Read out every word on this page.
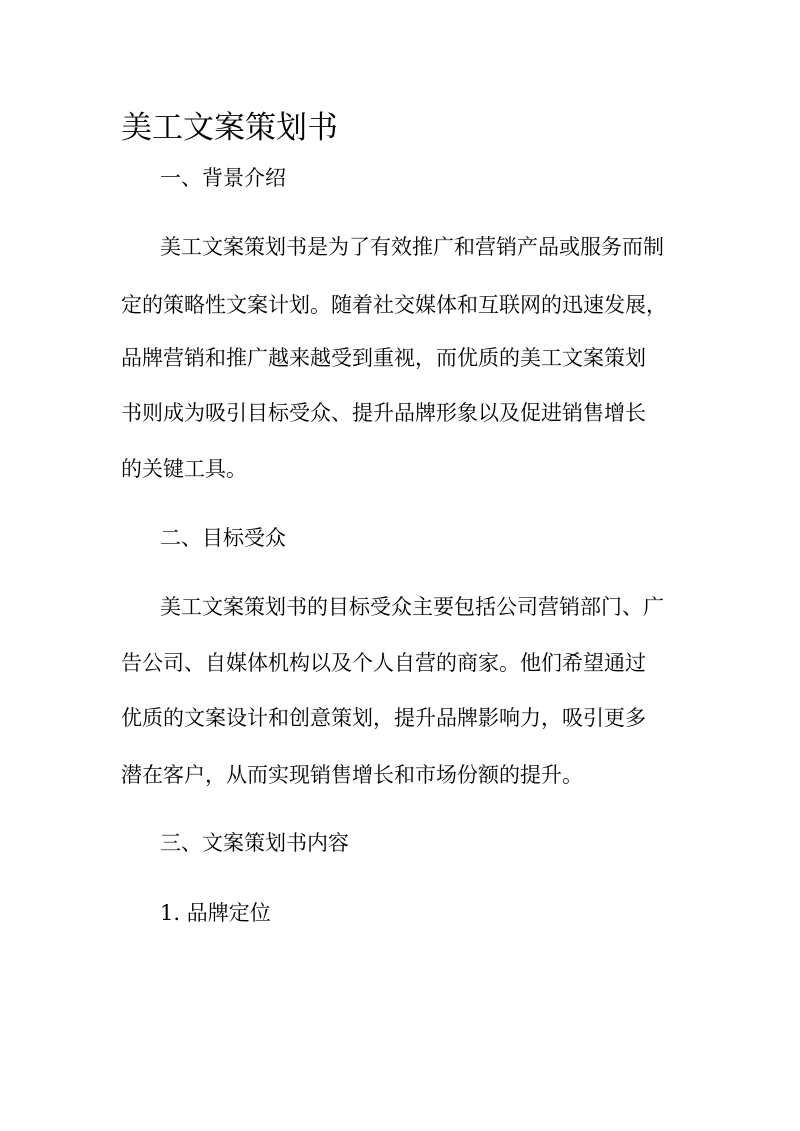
美工文案策划书
一、背景介绍
美工文案策划书是为了有效推广和营销产品或服务而制
定的策略性文案计划。随着社交媒体和互联网的迅速发展，
品牌营销和推广越来越受到重视，而优质的美工文案策划
书则成为吸引目标受众、提升品牌形象以及促进销售增长
的关键工具。
二、目标受众
美工文案策划书的目标受众主要包括公司营销部门、广
告公司、自媒体机构以及个人自营的商家。他们希望通过
优质的文案设计和创意策划，提升品牌影响力，吸引更多
潜在客户，从而实现销售增长和市场份额的提升。
三、文案策划书内容
1. 品牌定位
